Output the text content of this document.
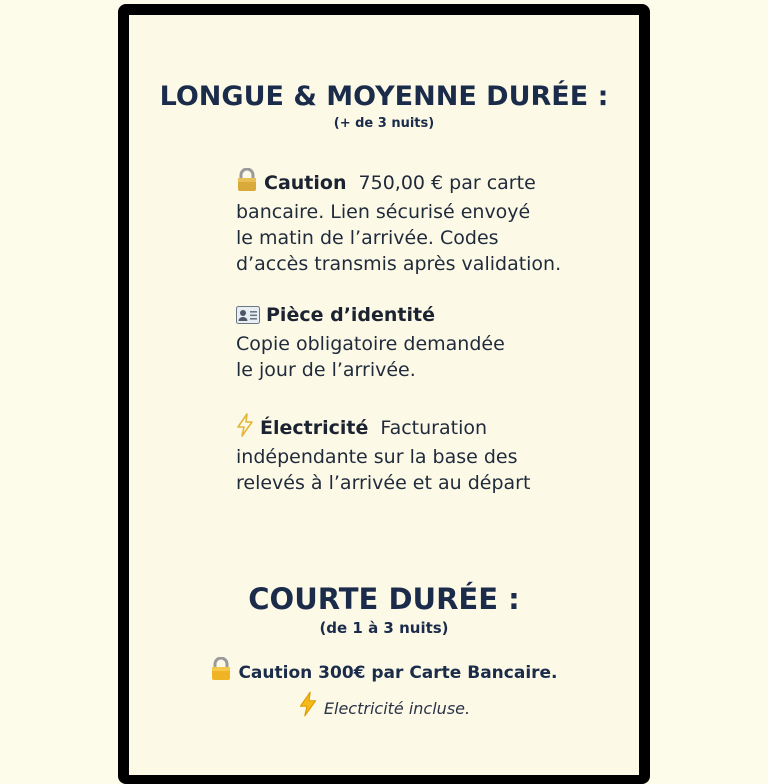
LONGUE & MOYENNE DURÉE :
(+ de 3 nuits)
Caution 750,00 € par carte
bancaire. Lien sécurisé envoyé
le matin de l’arrivée. Codes
d’accès transmis après validation.
Pièce d’identité
Copie obligatoire demandée
le jour de l’arrivée.
Électricité Facturation
indépendante sur la base des
relevés à l’arrivée et au départ
COURTE DURÉE :
(de 1 à 3 nuits)
Caution 300€ par Carte Bancaire.
Electricité incluse.
